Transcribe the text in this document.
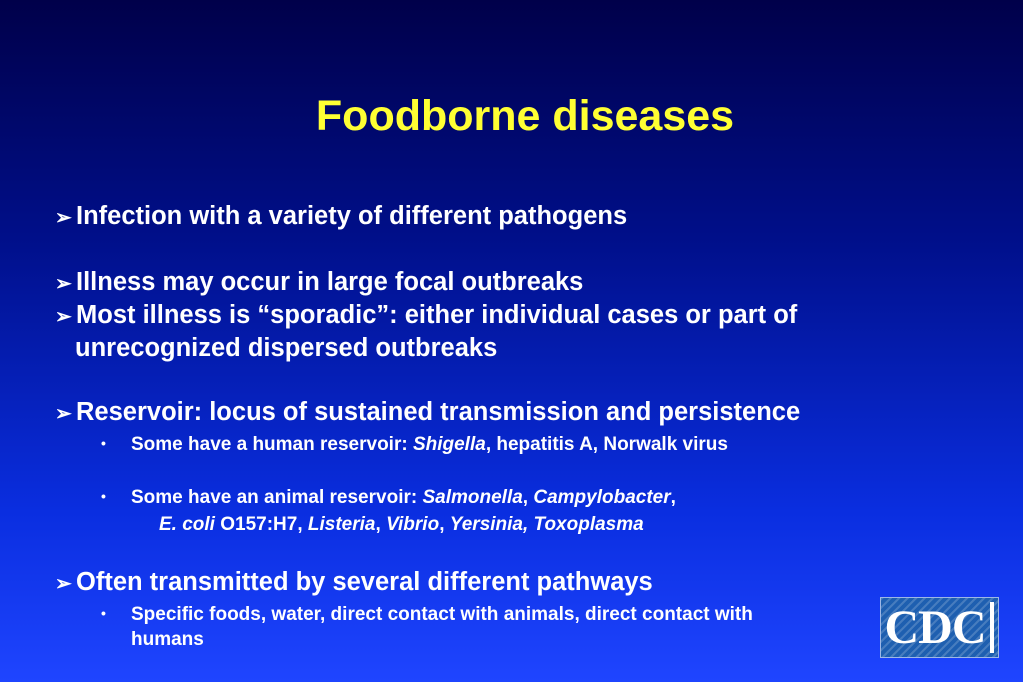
Foodborne diseases
➢ Infection with a variety of different pathogens
➢ Illness may occur in large focal outbreaks
➢ Most illness is “sporadic”: either individual cases or part of
unrecognized dispersed outbreaks
➢ Reservoir: locus of sustained transmission and persistence
• Some have a human reservoir: Shigella, hepatitis A, Norwalk virus
• Some have an animal reservoir: Salmonella, Campylobacter,
E. coli O157:H7, Listeria, Vibrio, Yersinia, Toxoplasma
➢ Often transmitted by several different pathways
• Specific foods, water, direct contact with animals, direct contact with
humans	CDC
